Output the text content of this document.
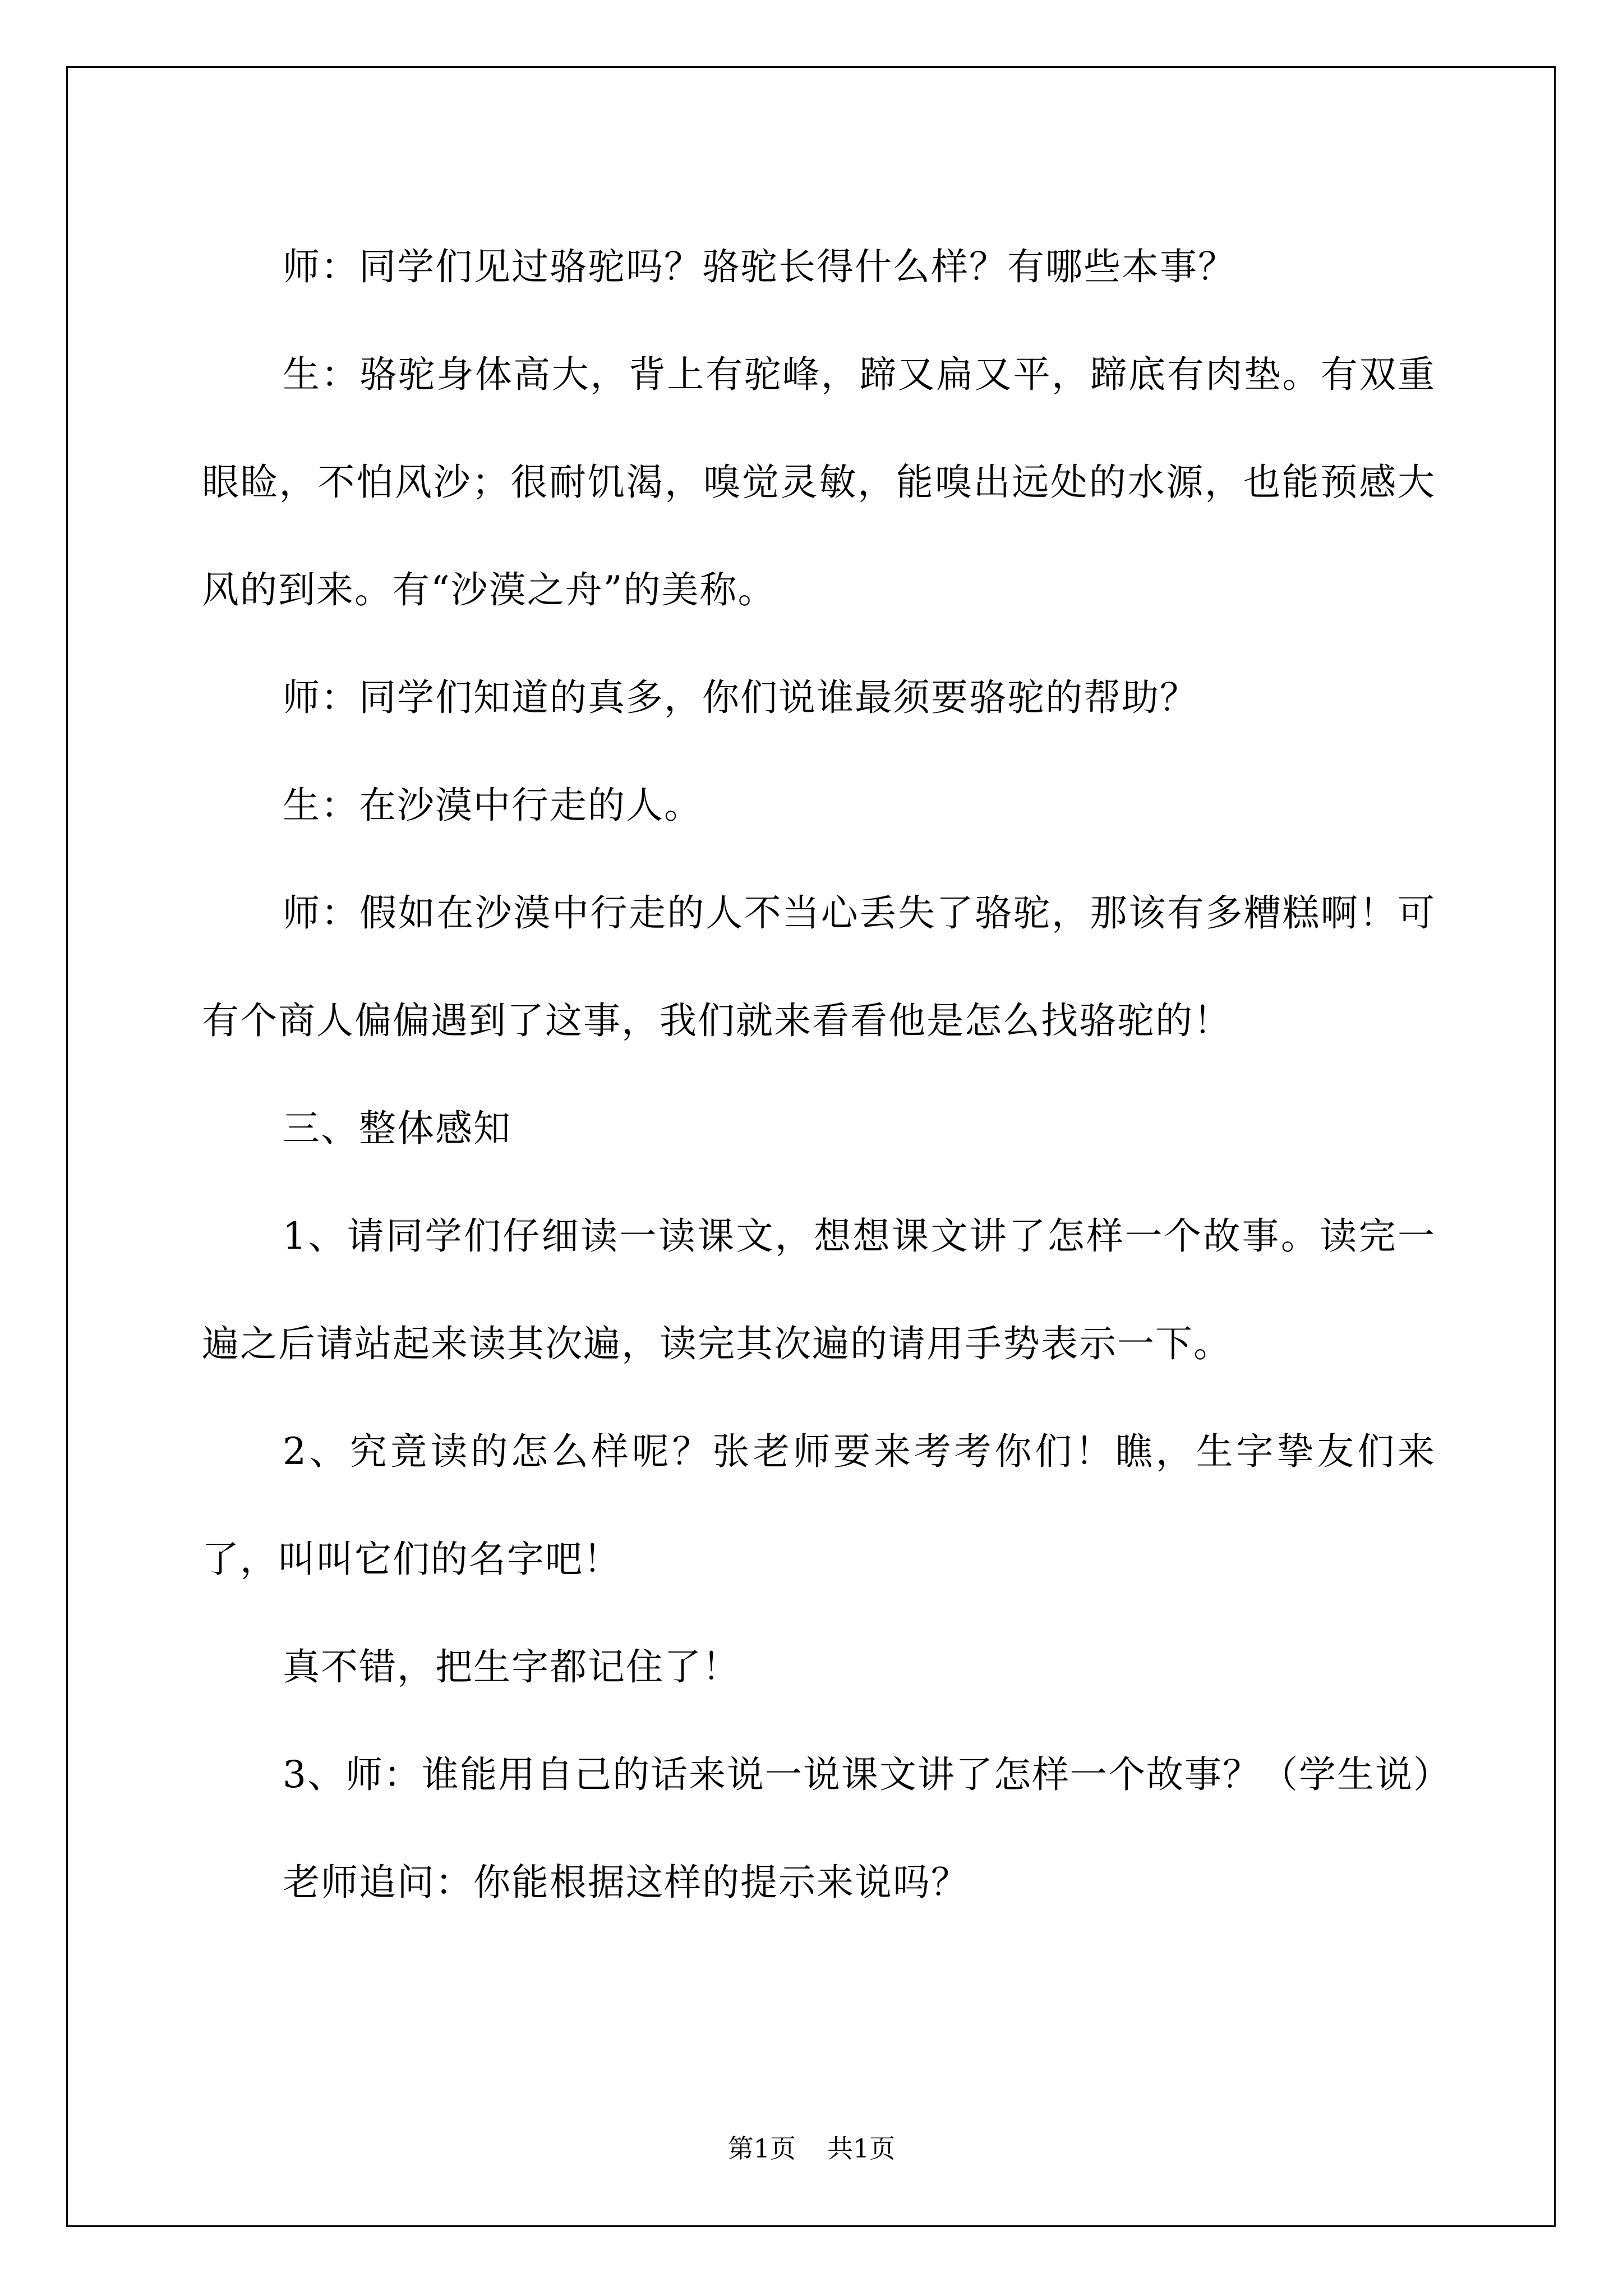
师：同学们见过骆驼吗？骆驼长得什么样？有哪些本事？

生：骆驼身体高大，背上有驼峰，蹄又扁又平，蹄底有肉垫。有双重眼睑，不怕风沙；很耐饥渴，嗅觉灵敏，能嗅出远处的水源，也能预感大风的到来。有“沙漠之舟”的美称。

师：同学们知道的真多，你们说谁最须要骆驼的帮助？

生：在沙漠中行走的人。

师：假如在沙漠中行走的人不当心丢失了骆驼，那该有多糟糕啊！可有个商人偏偏遇到了这事，我们就来看看他是怎么找骆驼的！

三、整体感知

1、请同学们仔细读一读课文，想想课文讲了怎样一个故事。读完一遍之后请站起来读其次遍，读完其次遍的请用手势表示一下。

2、究竟读的怎么样呢？张老师要来考考你们！瞧，生字挚友们来了，叫叫它们的名字吧！

真不错，把生字都记住了！

3、师：谁能用自己的话来说一说课文讲了怎样一个故事？（学生说）

老师追问：你能根据这样的提示来说吗？

第1页 共1页
